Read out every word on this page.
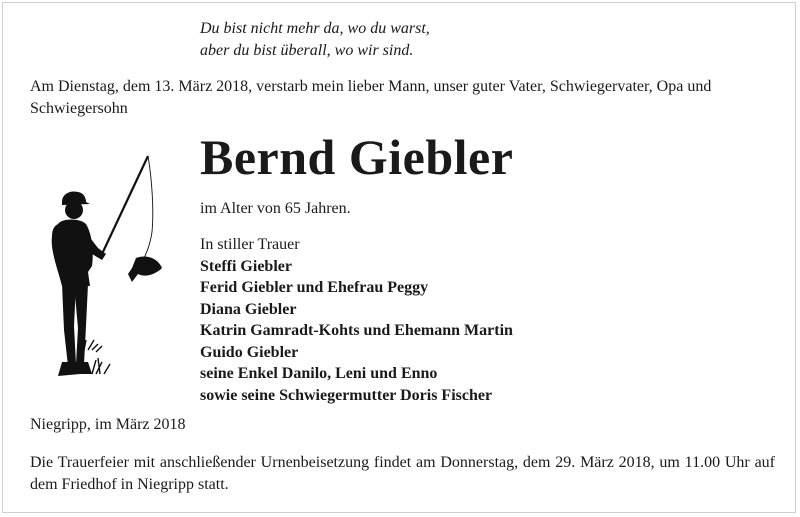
Du bist nicht mehr da, wo du warst,
aber du bist überall, wo wir sind.
Am Dienstag, dem 13. März 2018, verstarb mein lieber Mann, unser guter Vater, Schwiegervater, Opa und Schwiegersohn
Bernd Giebler
im Alter von 65 Jahren.
In stiller Trauer
Steffi Giebler
Ferid Giebler und Ehefrau Peggy
Diana Giebler
Katrin Gamradt-Kohts und Ehemann Martin
Guido Giebler
seine Enkel Danilo, Leni und Enno
sowie seine Schwiegermutter Doris Fischer
Niegripp, im März 2018
Die Trauerfeier mit anschließender Urnenbeisetzung findet am Donnerstag, dem 29. März 2018, um 11.00 Uhr auf dem Friedhof in Niegripp statt.
